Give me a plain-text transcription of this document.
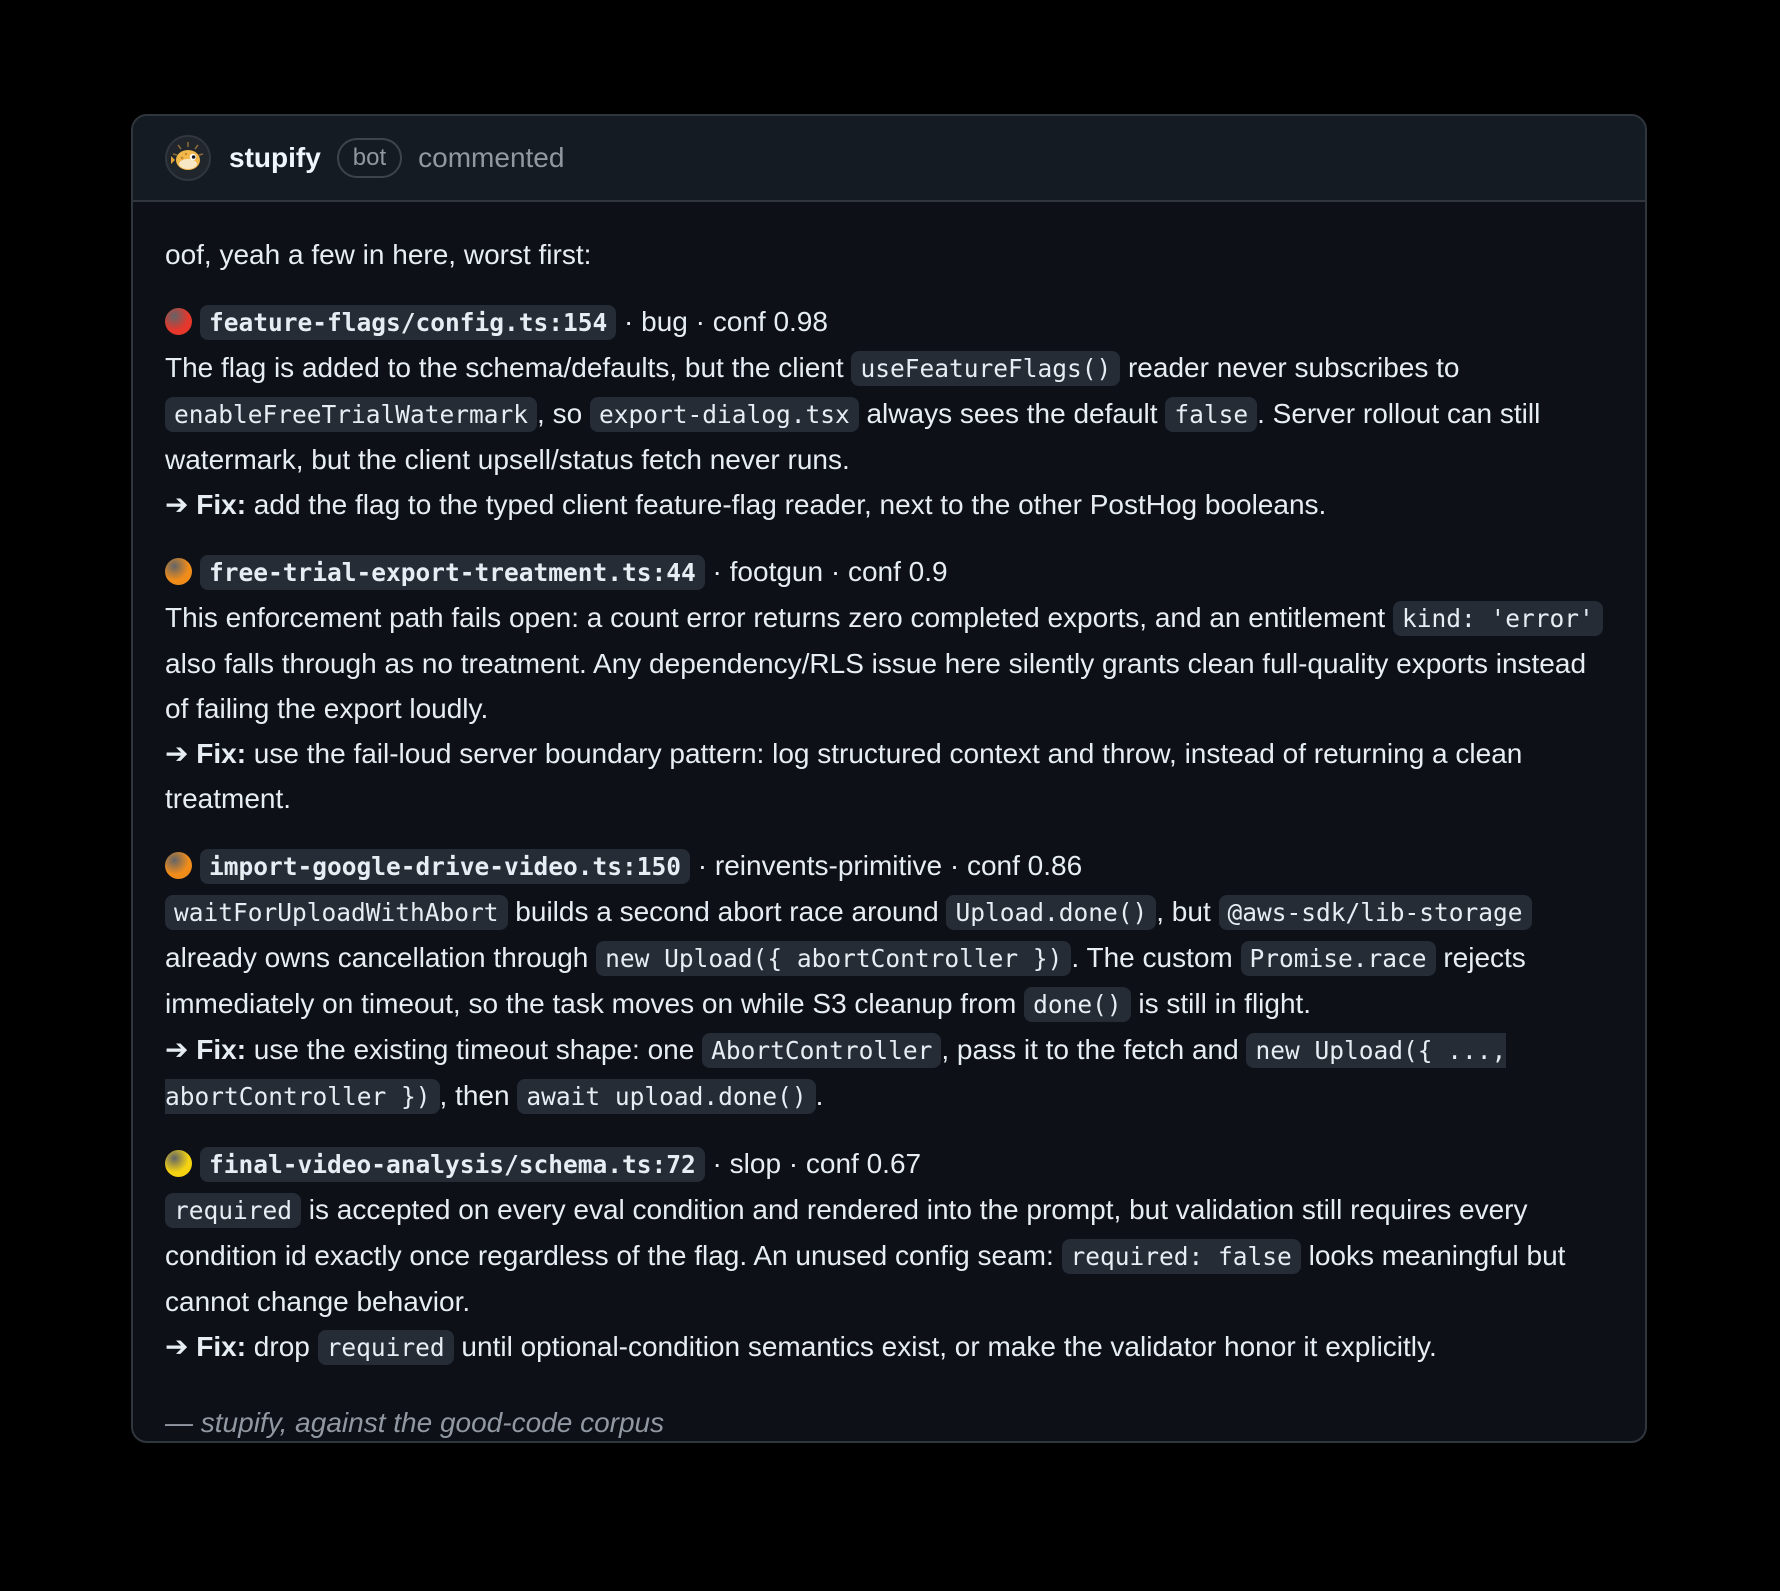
stupify	bot	commented

oof, yeah a few in here, worst first:

feature-flags/config.ts:154 · bug · conf 0.98

The flag is added to the schema/defaults, but the client useFeatureFlags() reader never subscribes to enableFreeTrialWatermark , so export-dialog.tsx always sees the default false . Server rollout can still watermark, but the client upsell/status fetch never runs.

➔ Fix: add the flag to the typed client feature-flag reader, next to the other PostHog booleans.

free-trial-export-treatment.ts:44 · footgun · conf 0.9

This enforcement path fails open: a count error returns zero completed exports, and an entitlement kind: 'error' also falls through as no treatment. Any dependency/RLS issue here silently grants clean full-quality exports instead of failing the export loudly.

➔ Fix: use the fail-loud server boundary pattern: log structured context and throw, instead of returning a clean treatment.

import-google-drive-video.ts:150 · reinvents-primitive · conf 0.86

waitForUploadWithAbort builds a second abort race around Upload.done() , but @aws-sdk/lib-storage already owns cancellation through new Upload({ abortController }) . The custom Promise.race rejects immediately on timeout, so the task moves on while S3 cleanup from done() is still in flight.

➔ Fix: use the existing timeout shape: one AbortController , pass it to the fetch and new Upload({ ..., abortController }) , then await upload.done() .

final-video-analysis/schema.ts:72 · slop · conf 0.67

required is accepted on every eval condition and rendered into the prompt, but validation still requires every condition id exactly once regardless of the flag. An unused config seam: required: false looks meaningful but cannot change behavior.

➔ Fix: drop required until optional-condition semantics exist, or make the validator honor it explicitly.

— stupify, against the good-code corpus
